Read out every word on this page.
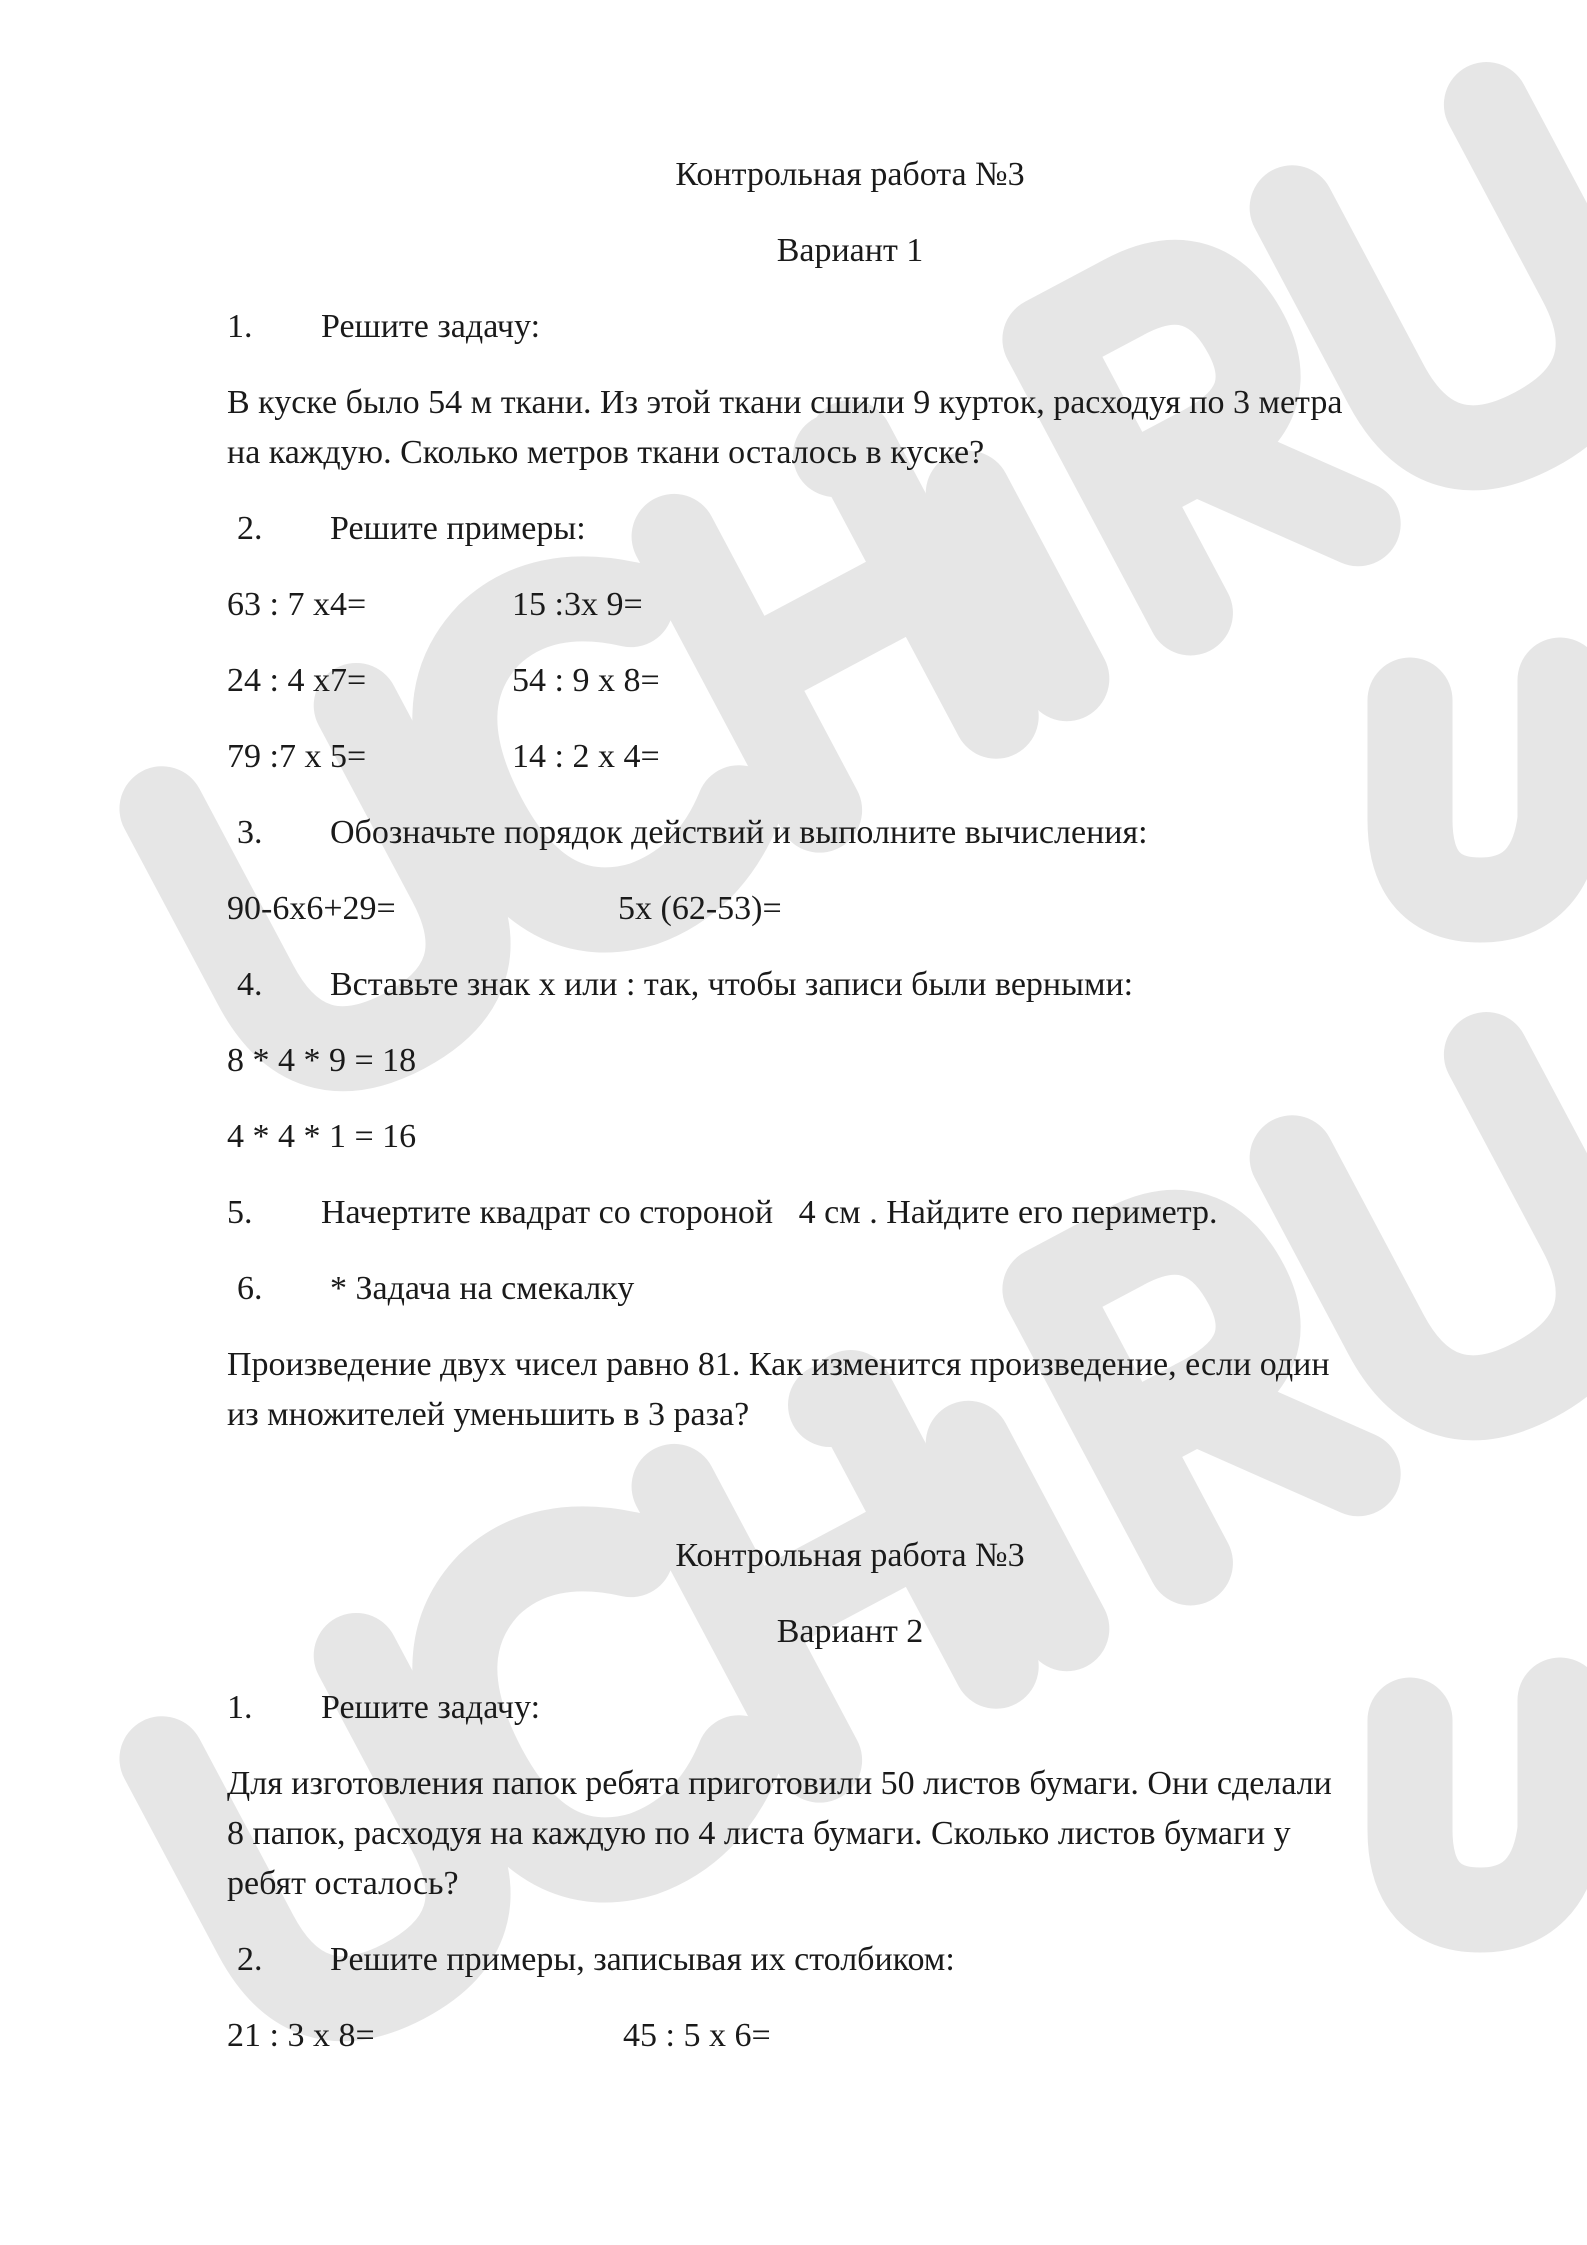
Контрольная работа №3
Вариант 1
1. Решите задачу:
В куске было 54 м ткани. Из этой ткани сшили 9 курток, расходуя по 3 метра
на каждую. Сколько метров ткани осталось в куске?
2. Решите примеры:
63 : 7 х4=	15 :3х 9=
24 : 4 х7=	54 : 9 х 8=
79 :7 х 5=	14 : 2 х 4=
3. Обозначьте порядок действий и выполните вычисления:
90-6х6+29=	5х (62-53)=
4. Вставьте знак х или : так, чтобы записи были верными:
8 * 4 * 9 = 18
4 * 4 * 1 = 16
5. Начертите квадрат со стороной   4 см . Найдите его периметр.
6. * Задача на смекалку
Произведение двух чисел равно 81. Как изменится произведение, если один
из множителей уменьшить в 3 раза?
Контрольная работа №3
Вариант 2
1. Решите задачу:
Для изготовления папок ребята приготовили 50 листов бумаги. Они сделали
8 папок, расходуя на каждую по 4 листа бумаги. Сколько листов бумаги у
ребят осталось?
2. Решите примеры, записывая их столбиком:
21 : 3 х 8=	45 : 5 х 6=
